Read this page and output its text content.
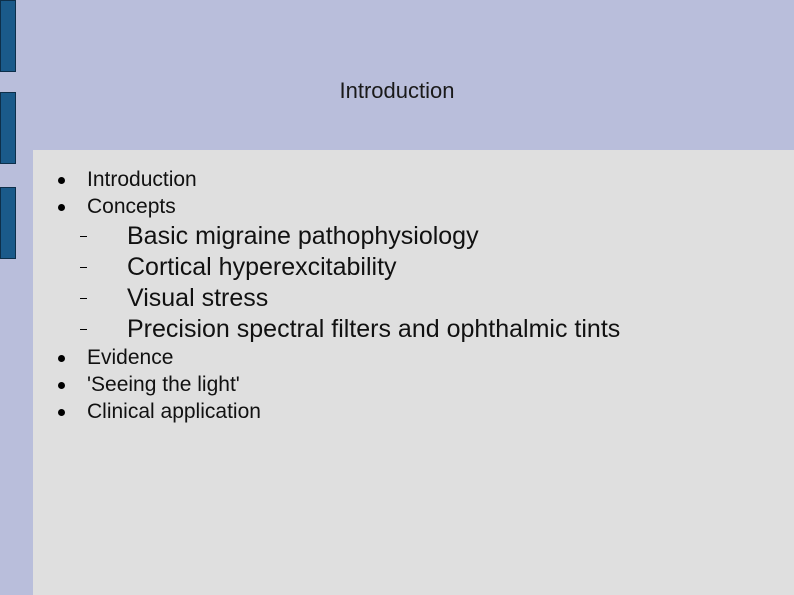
Introduction
Introduction
Concepts
Basic migraine pathophysiology
Cortical hyperexcitability
Visual stress
Precision spectral filters and ophthalmic tints
Evidence
'Seeing the light'
Clinical application
